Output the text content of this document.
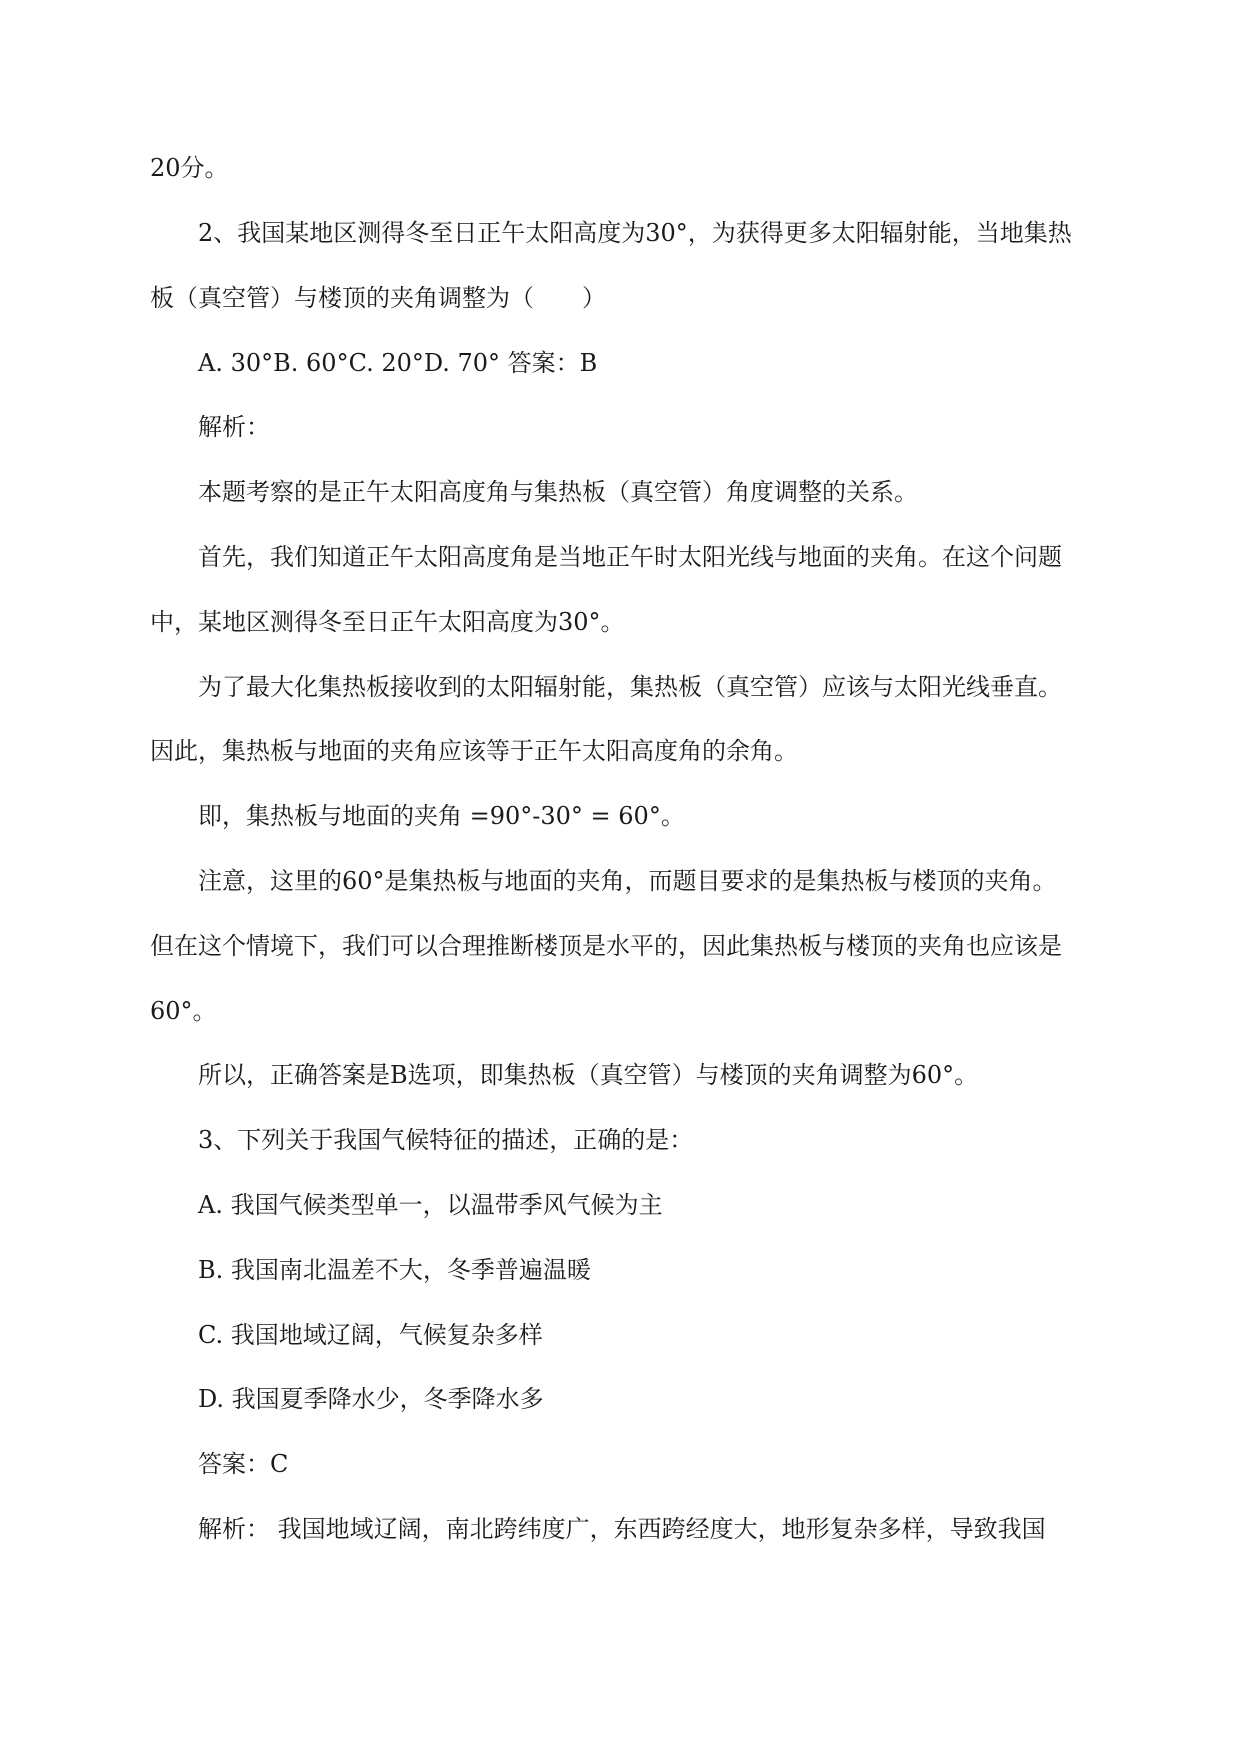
20分。
2、我国某地区测得冬至日正午太阳高度为30°，为获得更多太阳辐射能，当地集热
板（真空管）与楼顶的夹角调整为（　　）
A. 30°B. 60°C. 20°D. 70° 答案：B
解析：
本题考察的是正午太阳高度角与集热板（真空管）角度调整的关系。
首先，我们知道正午太阳高度角是当地正午时太阳光线与地面的夹角。在这个问题
中，某地区测得冬至日正午太阳高度为30°。
为了最大化集热板接收到的太阳辐射能，集热板（真空管）应该与太阳光线垂直。
因此，集热板与地面的夹角应该等于正午太阳高度角的余角。
即，集热板与地面的夹角 =90°-30° = 60°。
注意，这里的60°是集热板与地面的夹角，而题目要求的是集热板与楼顶的夹角。
但在这个情境下，我们可以合理推断楼顶是水平的，因此集热板与楼顶的夹角也应该是
60°。
所以，正确答案是B选项，即集热板（真空管）与楼顶的夹角调整为60°。
3、下列关于我国气候特征的描述，正确的是：
A. 我国气候类型单一，以温带季风气候为主
B. 我国南北温差不大，冬季普遍温暖
C. 我国地域辽阔，气候复杂多样
D. 我国夏季降水少，冬季降水多
答案：C
解析： 我国地域辽阔，南北跨纬度广，东西跨经度大，地形复杂多样，导致我国
